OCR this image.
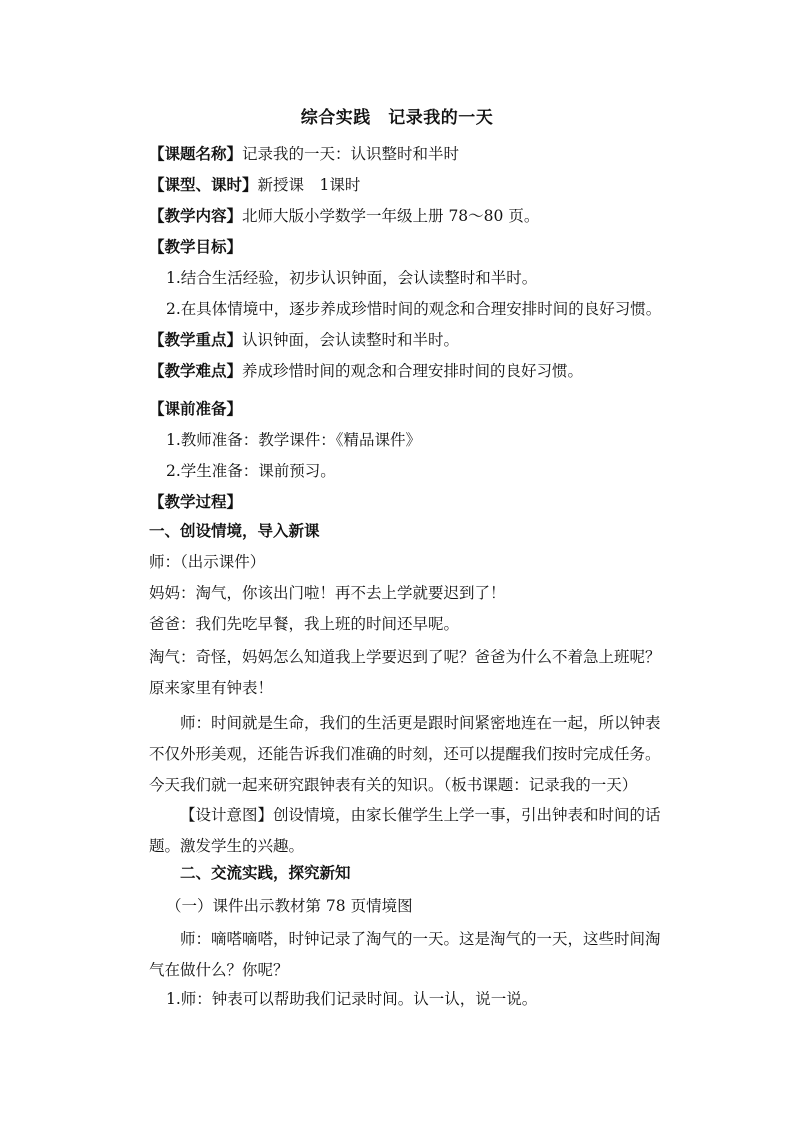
综合实践　记录我的一天
【课题名称】记录我的一天：认识整时和半时
【课型、课时】新授课　1课时
【教学内容】北师大版小学数学一年级上册 78～80 页。
【教学目标】
1.结合生活经验，初步认识钟面，会认读整时和半时。
2.在具体情境中，逐步养成珍惜时间的观念和合理安排时间的良好习惯。
【教学重点】认识钟面，会认读整时和半时。
【教学难点】养成珍惜时间的观念和合理安排时间的良好习惯。
【课前准备】
1.教师准备：教学课件：《精品课件》
2.学生准备：课前预习。
【教学过程】
一、创设情境，导入新课
师：（出示课件）
妈妈：淘气，你该出门啦！再不去上学就要迟到了！
爸爸：我们先吃早餐，我上班的时间还早呢。
淘气：奇怪，妈妈怎么知道我上学要迟到了呢？爸爸为什么不着急上班呢？
原来家里有钟表！
师：时间就是生命，我们的生活更是跟时间紧密地连在一起，所以钟表不仅外形美观，还能告诉我们准确的时刻，还可以提醒我们按时完成任务。今天我们就一起来研究跟钟表有关的知识。（板书课题：记录我的一天）
【设计意图】创设情境，由家长催学生上学一事，引出钟表和时间的话题。激发学生的兴趣。
二、交流实践，探究新知
（一）课件出示教材第 78 页情境图
师：嘀嗒嘀嗒，时钟记录了淘气的一天。这是淘气的一天，这些时间淘气在做什么？你呢？
1.师：钟表可以帮助我们记录时间。认一认，说一说。
